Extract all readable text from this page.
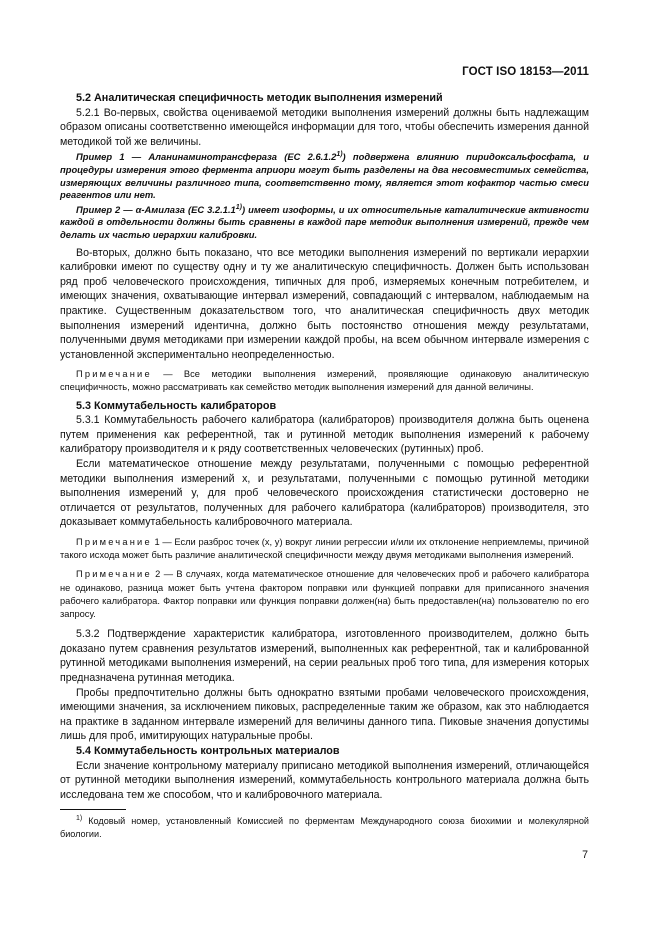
ГОСТ ISO 18153—2011

5.2 Аналитическая специфичность методик выполнения измерений

5.2.1 Во-первых, свойства оцениваемой методики выполнения измерений должны быть надлежащим образом описаны соответственно имеющейся информации для того, чтобы обеспечить измерения данной методикой той же величины.

Пример 1 — Аланинаминотрансфераза (ЕС 2.6.1.2$^{1)}$) подвержена влиянию пиридоксальфосфата, и процедуры измерения этого фермента априори могут быть разделены на два несовместимых семейства, измеряющих величины различного типа, соответственно тому, является этот кофактор частью смеси реагентов или нет.

Пример 2 — α-Амилаза (ЕС 3.2.1.1$^{1)}$) имеет изоформы, и их относительные каталитические активности каждой в отдельности должны быть сравнены в каждой паре методик выполнения измерений, прежде чем делать их частью иерархии калибровки.

Во-вторых, должно быть показано, что все методики выполнения измерений по вертикали иерархии калибровки имеют по существу одну и ту же аналитическую специфичность. Должен быть использован ряд проб человеческого происхождения, типичных для проб, измеряемых конечным потребителем, и имеющих значения, охватывающие интервал измерений, совпадающий с интервалом, наблюдаемым на практике. Существенным доказательством того, что аналитическая специфичность двух методик выполнения измерений идентична, должно быть постоянство отношения между результатами, полученными двумя методиками при измерении каждой пробы, на всем обычном интервале измерения с установленной экспериментально неопределенностью.

Примечание — Все методики выполнения измерений, проявляющие одинаковую аналитическую специфичность, можно рассматривать как семейство методик выполнения измерений для данной величины.

5.3 Коммутабельность калибраторов

5.3.1 Коммутабельность рабочего калибратора (калибраторов) производителя должна быть оценена путем применения как референтной, так и рутинной методик выполнения измерений к рабочему калибратору производителя и к ряду соответственных человеческих (рутинных) проб.

Если математическое отношение между результатами, полученными с помощью референтной методики выполнения измерений x, и результатами, полученными с помощью рутинной методики выполнения измерений y, для проб человеческого происхождения статистически достоверно не отличается от результатов, полученных для рабочего калибратора (калибраторов) производителя, это доказывает коммутабельность калибровочного материала.

Примечание 1 — Если разброс точек (x, y) вокруг линии регрессии и/или их отклонение неприемлемы, причиной такого исхода может быть различие аналитической специфичности между двумя методиками выполнения измерений.

Примечание 2 — В случаях, когда математическое отношение для человеческих проб и рабочего калибратора не одинаково, разница может быть учтена фактором поправки или функцией поправки для приписанного значения рабочего калибратора. Фактор поправки или функция поправки должен(на) быть предоставлен(на) пользователю по его запросу.

5.3.2 Подтверждение характеристик калибратора, изготовленного производителем, должно быть доказано путем сравнения результатов измерений, выполненных как референтной, так и калиброванной рутинной методиками выполнения измерений, на серии реальных проб того типа, для измерения которых предназначена рутинная методика.

Пробы предпочтительно должны быть однократно взятыми пробами человеческого происхождения, имеющими значения, за исключением пиковых, распределенные таким же образом, как это наблюдается на практике в заданном интервале измерений для величины данного типа. Пиковые значения допустимы лишь для проб, имитирующих натуральные пробы.

5.4 Коммутабельность контрольных материалов

Если значение контрольному материалу приписано методикой выполнения измерений, отличающейся от рутинной методики выполнения измерений, коммутабельность контрольного материала должна быть исследована тем же способом, что и калибровочного материала.

$^{1)}$ Кодовый номер, установленный Комиссией по ферментам Международного союза биохимии и молекулярной биологии.
7
